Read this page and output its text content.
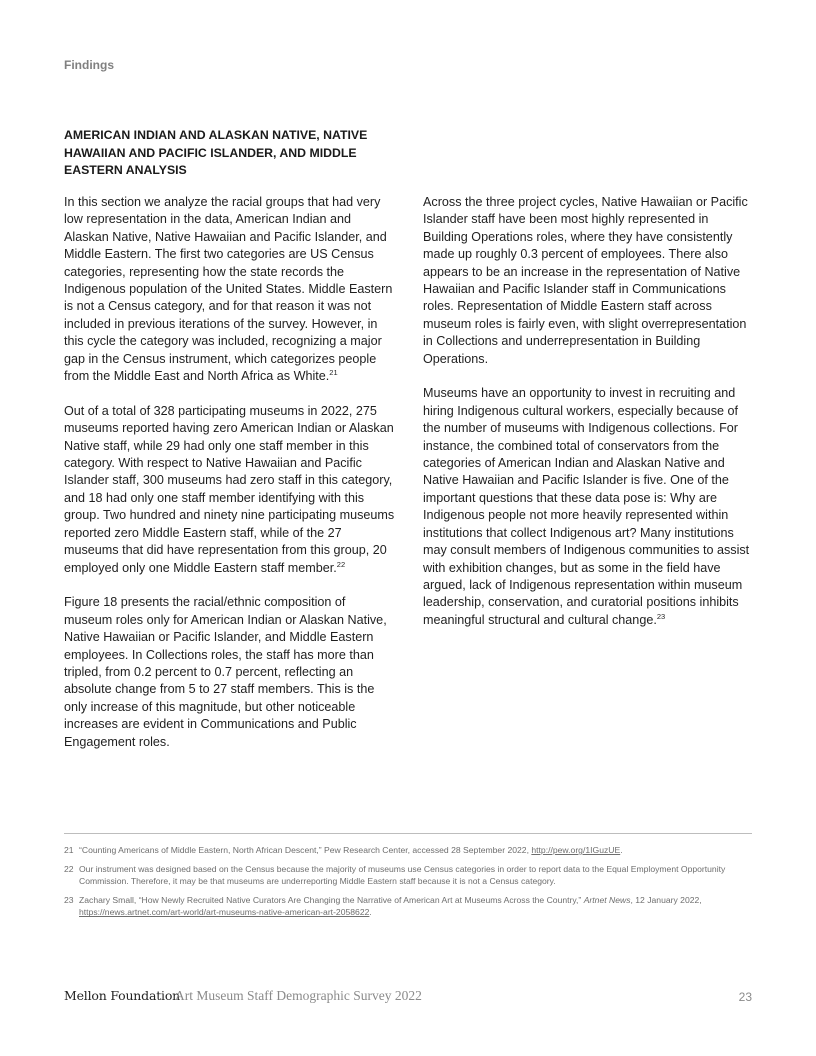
Findings
AMERICAN INDIAN AND ALASKAN NATIVE, NATIVE HAWAIIAN AND PACIFIC ISLANDER, AND MIDDLE EASTERN ANALYSIS

In this section we analyze the racial groups that had very low representation in the data, American Indian and Alaskan Native, Native Hawaiian and Pacific Islander, and Middle Eastern. The first two categories are US Census categories, representing how the state records the Indigenous population of the United States. Middle Eastern is not a Census category, and for that reason it was not included in previous iterations of the survey. However, in this cycle the category was included, recognizing a major gap in the Census instrument, which categorizes people from the Middle East and North Africa as White.$^{21}$

Out of a total of 328 participating museums in 2022, 275 museums reported having zero American Indian or Alaskan Native staff, while 29 had only one staff member in this category. With respect to Native Hawaiian and Pacific Islander staff, 300 museums had zero staff in this category, and 18 had only one staff member identifying with this group. Two hundred and ninety nine participating museums reported zero Middle Eastern staff, while of the 27 museums that did have representation from this group, 20 employed only one Middle Eastern staff member.$^{22}$

Figure 18 presents the racial/ethnic composition of museum roles only for American Indian or Alaskan Native, Native Hawaiian or Pacific Islander, and Middle Eastern employees. In Collections roles, the staff has more than tripled, from 0.2 percent to 0.7 percent, reflecting an absolute change from 5 to 27 staff members. This is the only increase of this magnitude, but other noticeable increases are evident in Communications and Public Engagement roles.

Across the three project cycles, Native Hawaiian or Pacific Islander staff have been most highly represented in Building Operations roles, where they have consistently made up roughly 0.3 percent of employees. There also appears to be an increase in the representation of Native Hawaiian and Pacific Islander staff in Communications roles. Representation of Middle Eastern staff across museum roles is fairly even, with slight overrepresentation in Collections and underrepresentation in Building Operations.

Museums have an opportunity to invest in recruiting and hiring Indigenous cultural workers, especially because of the number of museums with Indigenous collections. For instance, the combined total of conservators from the categories of American Indian and Alaskan Native and Native Hawaiian and Pacific Islander is five. One of the important questions that these data pose is: Why are Indigenous people not more heavily represented within institutions that collect Indigenous art? Many institutions may consult members of Indigenous communities to assist with exhibition changes, but as some in the field have argued, lack of Indigenous representation within museum leadership, conservation, and curatorial positions inhibits meaningful structural and cultural change.$^{23}$

21 “Counting Americans of Middle Eastern, North African Descent,” Pew Research Center, accessed 28 September 2022, http://pew.org/1IGuzUE.
22 Our instrument was designed based on the Census because the majority of museums use Census categories in order to report data to the Equal Employment Opportunity Commission. Therefore, it may be that museums are underreporting Middle Eastern staff because it is not a Census category.
23 Zachary Small, “How Newly Recruited Native Curators Are Changing the Narrative of American Art at Museums Across the Country,” Artnet News, 12 January 2022, https://news.artnet.com/art-world/art-museums-native-american-art-2058622.
Mellon Foundation
Art Museum Staff Demographic Survey 2022	23
